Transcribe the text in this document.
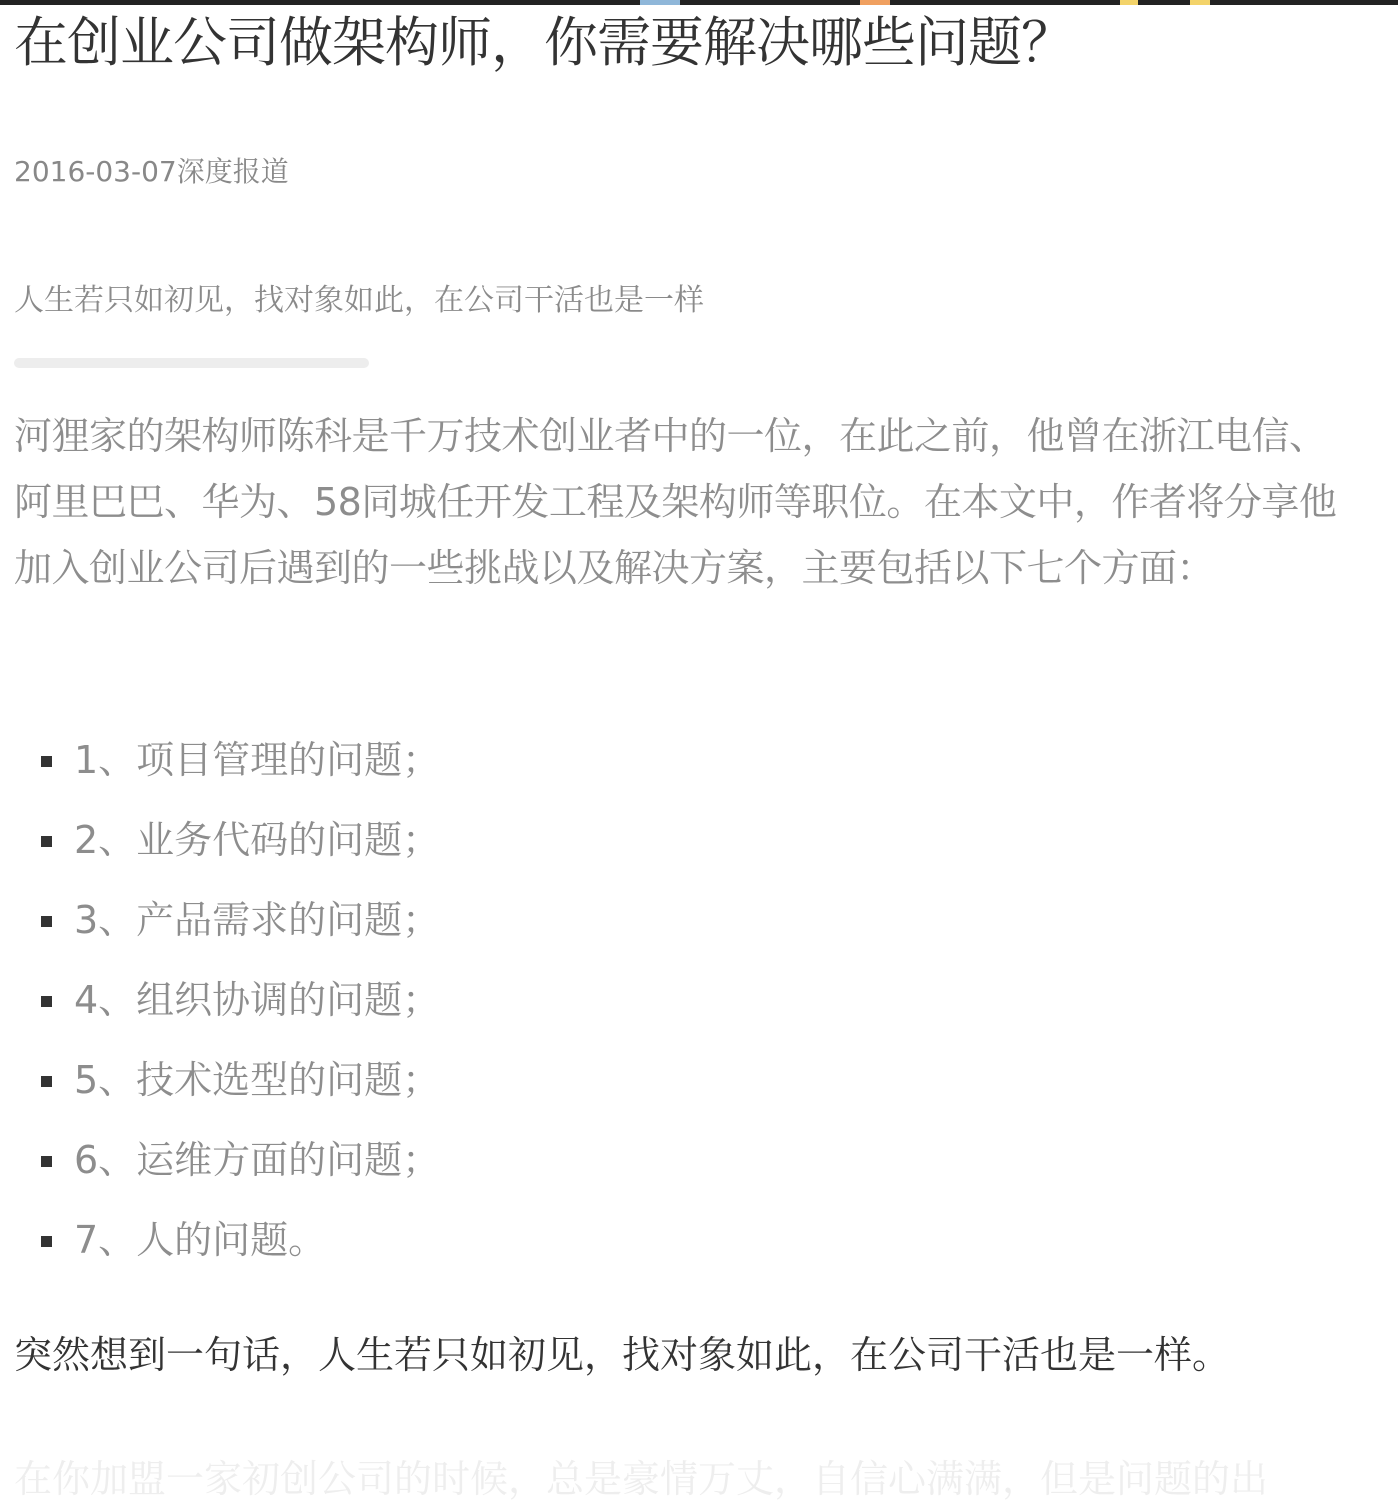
在创业公司做架构师，你需要解决哪些问题？
2016-03-07深度报道
人生若只如初见，找对象如此，在公司干活也是一样

河狸家的架构师陈科是千万技术创业者中的一位，在此之前，他曾在浙江电信、阿里巴巴、华为、58同城任开发工程及架构师等职位。在本文中，作者将分享他加入创业公司后遇到的一些挑战以及解决方案，主要包括以下七个方面：

1、项目管理的问题；
2、业务代码的问题；
3、产品需求的问题；
4、组织协调的问题；
5、技术选型的问题；
6、运维方面的问题；
7、人的问题。
突然想到一句话，人生若只如初见，找对象如此，在公司干活也是一样。
在你加盟一家初创公司的时候，总是豪情万丈，自信心满满，但是问题的出
